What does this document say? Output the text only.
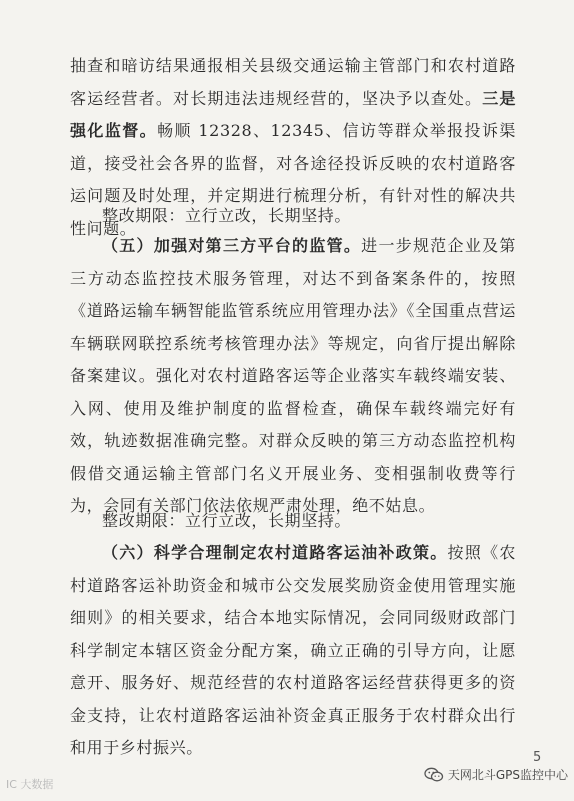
抽查和暗访结果通报相关县级交通运输主管部门和农村道路客运经营者。对长期违法违规经营的，坚决予以查处。三是强化监督。畅顺 12328、12345、信访等群众举报投诉渠道，接受社会各界的监督，对各途径投诉反映的农村道路客运问题及时处理，并定期进行梳理分析，有针对性的解决共性问题。
整改期限：立行立改，长期坚持。
（五）加强对第三方平台的监管。进一步规范企业及第三方动态监控技术服务管理，对达不到备案条件的，按照《道路运输车辆智能监管系统应用管理办法》《全国重点营运车辆联网联控系统考核管理办法》等规定，向省厅提出解除备案建议。强化对农村道路客运等企业落实车载终端安装、入网、使用及维护制度的监督检查，确保车载终端完好有效，轨迹数据准确完整。对群众反映的第三方动态监控机构假借交通运输主管部门名义开展业务、变相强制收费等行为，会同有关部门依法依规严肃处理，绝不姑息。
整改期限：立行立改，长期坚持。
（六）科学合理制定农村道路客运油补政策。按照《农村道路客运补助资金和城市公交发展奖励资金使用管理实施细则》的相关要求，结合本地实际情况，会同同级财政部门科学制定本辖区资金分配方案，确立正确的引导方向，让愿意开、服务好、规范经营的农村道路客运经营获得更多的资金支持，让农村道路客运油补资金真正服务于农村群众出行和用于乡村振兴。
5
IC 大数据
天网北斗GPS监控中心
